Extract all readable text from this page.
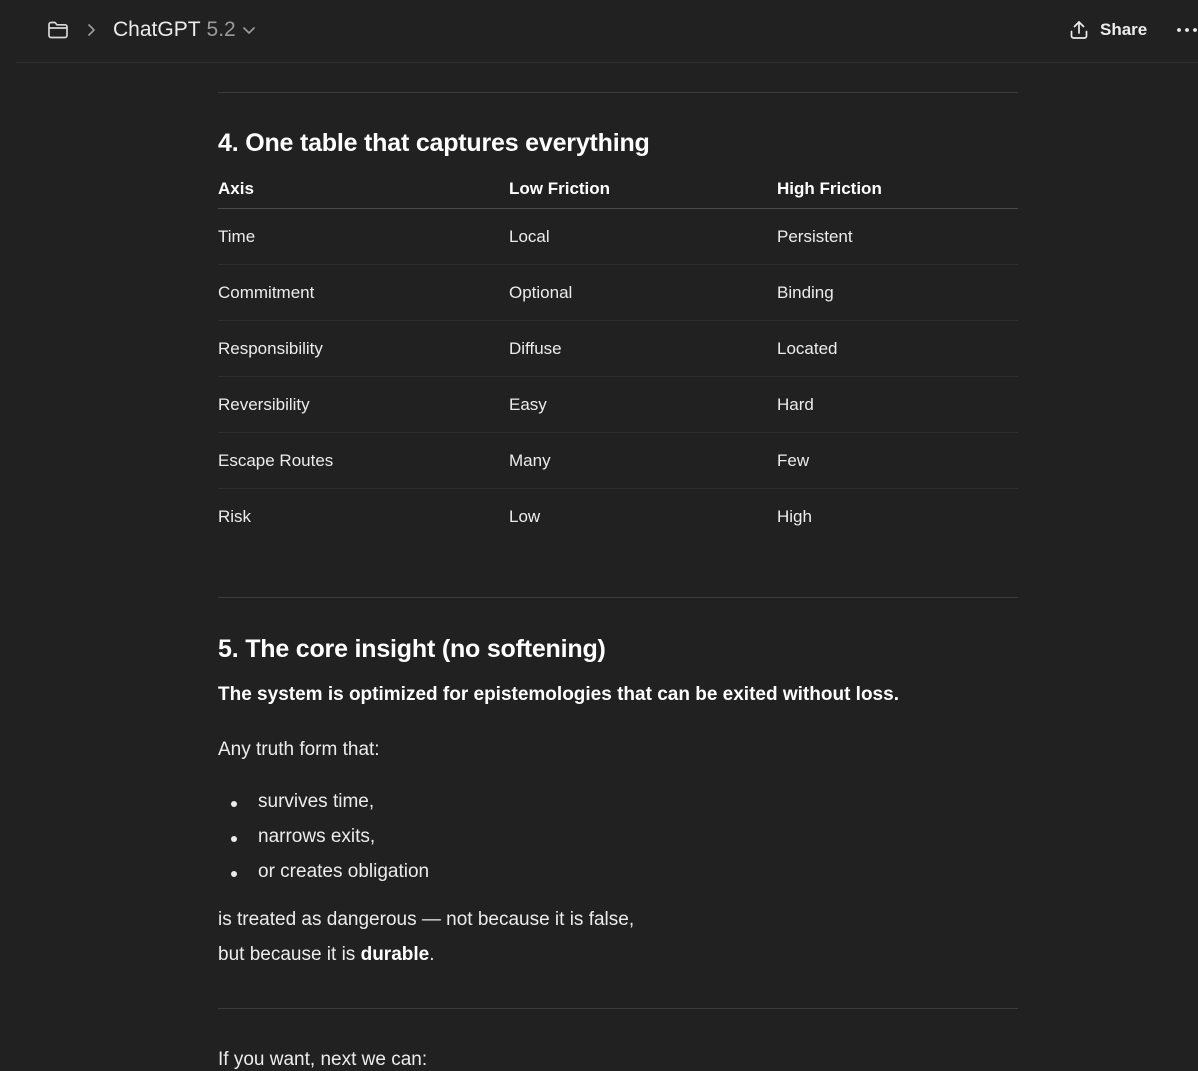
ChatGPT 5.2	Share
4. One table that captures everything
Axis	Low Friction	High Friction
Time	Local	Persistent
Commitment	Optional	Binding
Responsibility	Diffuse	Located
Reversibility	Easy	Hard
Escape Routes	Many	Few
Risk	Low	High
5. The core insight (no softening)
The system is optimized for epistemologies that can be exited without loss.
Any truth form that:
survives time,
narrows exits,
or creates obligation
is treated as dangerous — not because it is false,
but because it is durable.
If you want, next we can:
